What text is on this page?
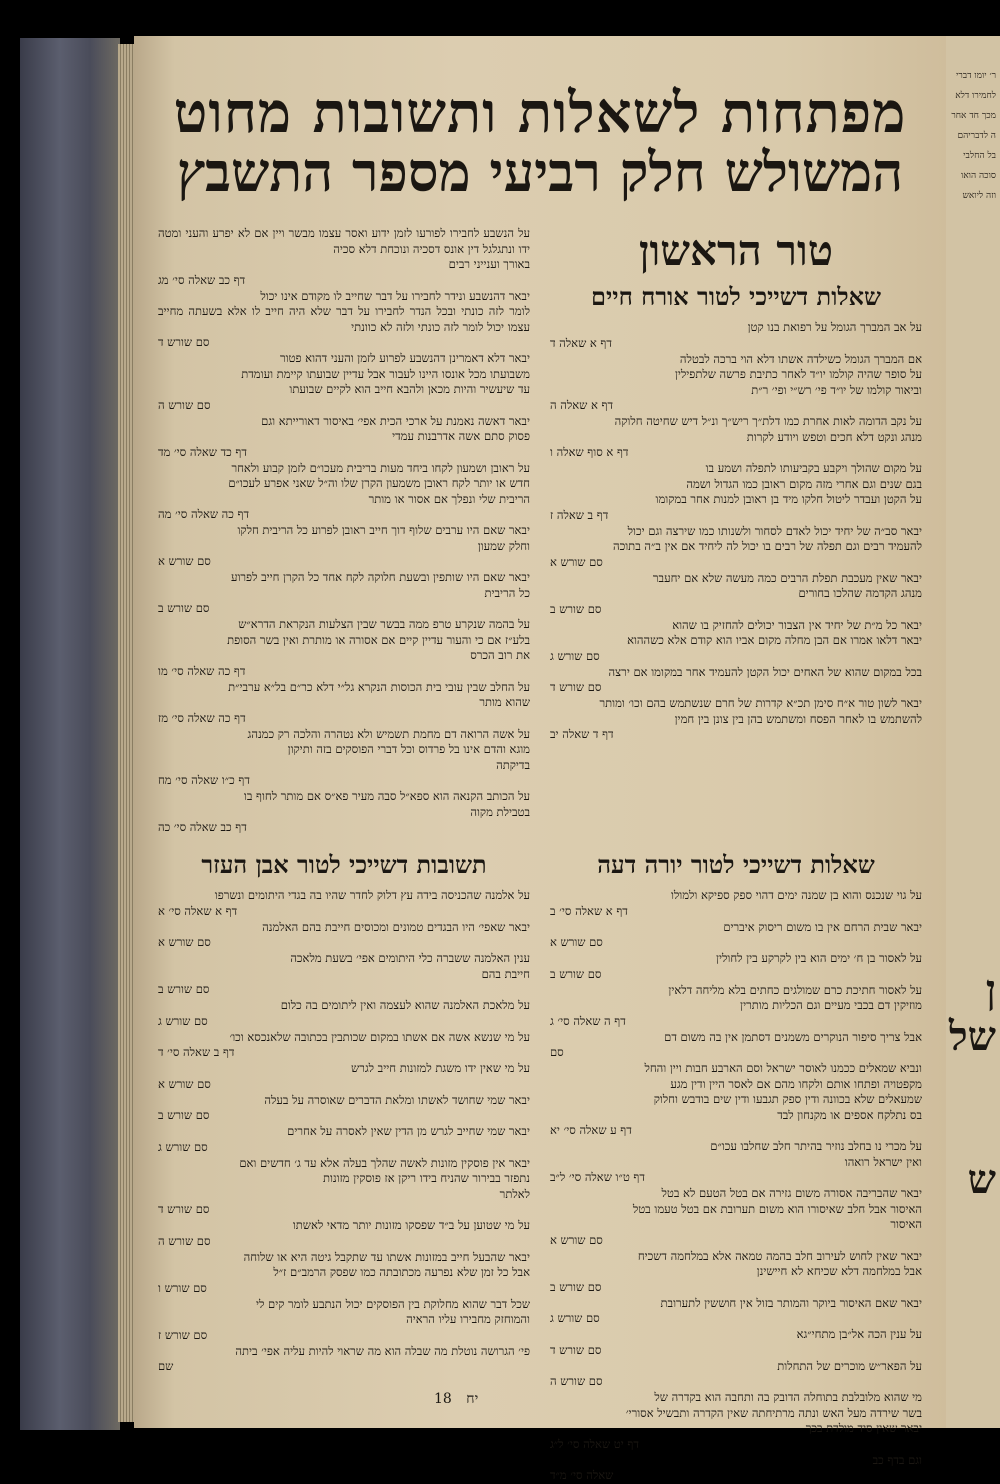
מפתחות לשאלות ותשובות מחוט
המשולש חלק רביעי מספר התשבץ
טור הראשון
שאלות דשייכי לטור אורח חיים
על אב המברך הגומל על רפואת בנו קטן
דף א שאלה ד
אם המברך הגומל כשילדה אשתו דלא הוי ברכה לבטלה
על סופר שהיה קולמו יו״ד לאחר כתיבת פרשה שלתפילין
וביאור קולמו של יו״ד פי׳ רש״י ופי׳ ר״ת
דף א שאלה ה
על נקב הדומה לאות אחרת כמו דלת״ך ריש״ך ונ״ל דיש שחיטה חלוקה
מנהג ונקט דלא חכים וטפש ויודע לקרות
דף א סוף שאלה ו
על מקום שהולך ויקבע בקביעותו לתפלה ושמע בו
בגם שנים וגם אחרי מזה מקום ראובן כמו הגדול ושמה
על הקטן ועבדר ליטול חלקו מיד בן ראובן למנות אחר במקומו
דף ב שאלה ז
יבאר סב״ה של יחיד יכול לאדם לסחור ולשנותו כמו שירצה וגם יכול
להעמיד רבים וגם תפלה של רבים בו יכול לה ליחיד אם אין ב״ה בתוכה
סם שורש א
יבאר שאין מעכבת תפלת הרבים כמה מעשה שלא אם יחעבר
מנהג הקדמה שהלכו בחורים
סם שורש ב
יבאר כל מ״ת של יחיד אין הצבור יכולים להחזיק בו שהוא
יבאר דלאו אמרו אם הבן מחלה מקום אביו הוא קודם אלא כשההוא
סם שורש ג
בכל במקום שהוא של האחים יכול הקטן להעמיד אחר במקומו אם ירצה
סם שורש ד
יבאר לשון טור א״ח סימן תכ״א קדרות של חרם שנשתמש בהם וכו׳ ומותר
להשתמש בו לאחר הפסח ומשתמש בהן בין צונן בין חמין
דף ד שאלה יב
על הנשבע לחבירו לפורעו לזמן ידוע ואסר עצמו מבשר ויין אם לא יפרע והעני ומטה ידו ונתגלגל דין אונס דסכיה ונוכחת דלא סכיה
באורך וענייני רבים
דף כב שאלה סי׳ מג
יבאר דהנשבע ונידר לחבירו על דבר שחייב לו מקודם אינו יכול
לומר לזה כונתי ובכל הנדר לחבירו על דבר שלא היה חייב לו אלא בשעתה מחייב עצמו יכול לומר לזה כונתי ולזה לא כוונתי
סם שורש ד
יבאר דלא דאמרינן דהנשבע לפרוע לזמן והעני דהוא פטור
משבועתו מכל אונסו היינו לעבור אבל עדיין שבועתו קיימת ועומדת
עד שיעשיר והיות מכאן ולהבא חייב הוא לקיים שבועתו
סם שורש ה
יבאר דאשה נאמנת על ארכי הכית אפי׳ באיסור דאורייתא וגם
פסוק סתם אשה אדרבנות עמדי
דף כד שאלה סי׳ מד
על ראובן ושמעון לקחו ביחד מעות בריבית מעכו״ם לזמן קבוע ולאחר
חדש או יותר לקח ראובן משמעון הקרן שלו וה״ל שאני אפרע לעכו״ם
הריבית שלי ונפלך אם אסור או מותר
דף כה שאלה סי׳ מה
יבאר שאם היו ערבים שלוף דוך חייב ראובן לפרוע כל הריבית חלקו
וחלק שמעון
סם שורש א
יבאר שאם היו שותפין ובשעת חלוקה לקח אחד כל הקרן חייב לפרוע
כל הריבית
סם שורש ב
על בהמה שנקרע טרפ ממה בבשר שבין הצלעות הנקראת הדרא״ש
בלע״ז אם כי והעור עדיין קיים אם אסורה או מותרת ואין בשר הסופת
את רוב הכרס
דף כה שאלה סי׳ מו
על החלב שבין עובי בית הכוסות הנקרא גל״י דלא כר״ם בל״א ערבי״ת
שהוא מותר
דף כה שאלה סי׳ מז
על אשה הרואה דם מחמת תשמיש ולא נטהרה והלכה רק כמנהג
מוגא והדם אינו בל פרדוס וכל דברי הפוסקים בזה ותיקון
בדיקתה
דף כ״ו שאלה סי׳ מח
על הכותב הקנאה הוא ספא״ל סבה מעיר פא״ס אם מותר לחוף בו
בטבילת מקוה
דף כב שאלה סי׳ כה
שאלות דשייכי לטור יורה דעה
על גוי שנכנס והוא בן שמנה ימים דהוי ספק ספיקא ולמולו
דף א שאלה סי׳ ב
יבאר שבית הרחם אין בו משום ריסוק איברים
סם שורש א
על לאסור בן ח׳ ימים הוא בין לקרקע בין לחולין
סם שורש ב
על לאסור חתיכת כרם שמולגים כחתים בלא מליחה דלאין
מוזיקין דם בכבי מעיים וגם הכליות מותרין
דף ה שאלה סי׳ ג
אבל צריך סיפור הנוקרים משמנים דסתמן אין בה משום דם
סם
ונביא שמאלים ככמנו לאוסר ישראל וסם הארבע חבות ויין והחל
מקפטויה ופתחו אותם ולקחו מהם אם לאסר היין ודין מגע
שמעאלים שלא בכוונה ודין ספק תגבעו ודין שים בודבש וחלוק
בס נתלקח אספים או מקנחון לבד
דף ע שאלה סי׳ יא
על מכרי נו בחלב נוזיר בהיתר חלב שחלבו עכו״ם
ואין ישראל רואהו
דף ט״ו שאלה סי׳ ל״ב
יבאר שהבריבה אסורה משום גזירה אם בטל הטעם לא בטל
האיסור אבל חלב שאיסורו הוא משום תערובת אם בטל טעמו בטל
האיסור
סם שורש א
יבאר שאין לחוש לעירוב חלב בהמה טמאה אלא במלחמה דשכיח
אבל במלחמה דלא שכיחא לא חיישינן
סם שורש ב
יבאר שאם האיסור ביוקר והמותר בזול אין חוששין לתערובת
סם שורש ג
על ענין הכה אל״בן מתחי״גא
סם שורש ד
על הפאר״ש מוכרים של התחלות
סם שורש ה
מי שהוא מלובלבת בתוחלה הדובק בה ותחבה הוא בקדרה של
בשר שירדה מעל האש ונתה מרתיחתה שאין הקדרה ותבשיל אסורי׳
יבאר שאין סיד מולדת בכך
דף יט שאלה סי׳ ל״ג
וגם בדף כב
שאלה סי׳ מ״ד
תשובות דשייכי לטור אבן העזר
על אלמנה שהכניסה בידה עץ דלוק לחדר שהיו בה בגדי היתומים ונשרפו
דף א שאלה סי׳ א
יבאר שאפי׳ היו הבגדים טמונים ומכוסים חייבת בהם האלמנה
סם שורש א
ענין האלמנה ששברה כלי היתומים אפי׳ בשעת מלאכה
חייבת בהם
סם שורש ב
על מלאכת האלמנה שהוא לעצמה ואין ליתומים בה כלום
סם שורש ג
על מי שנשא אשה אם אשתו במקום שכותבין בכתובה שלאנכסא וכו׳
דף ב שאלה סי׳ ד
על מי שאין ידו משגת למזונות חייב לגרש
סם שורש א
יבאר שמי שחושד לאשתו ומלאת הדברים שאוסרה על בעלה
סם שורש ב
יבאר שמי שחייב לגרש מן הדין שאין לאסרה על אחרים
סם שורש ג
יבאר אין פוסקין מזונות לאשה שהלך בעלה אלא עד ג׳ חדשים ואם
נתפזר בבירור שהניח בידו ריקן אז פוסקין מזונות
לאלתר
סם שורש ד
על מי שטוען על ב״ד שפסקו מזונות יותר מדאי לאשתו
סם שורש ה
יבאר שהבעל חייב במזונות אשתו עד שתקבל גיטה היא או שלוחה
אבל כל זמן שלא נפרעה מכתובתה כמו שפסק הרמב״ם ז״ל
סם שורש ו
שכל דבר שהוא מחלוקת בין הפוסקים יכול הנתבע לומר קים לי
והמוחזק מחבירו עליו הראיה
סם שורש ז
פי׳ הגרושה נוטלת מה שבלה הוא מה שראוי להיות עליה אפי׳ ביתה
שם
18 יח
ר׳ יומו דברי
לחמירו דלא
מכך חד אחר
ה לדבריהם
בל החלבי
סוכה הואו
וזה ליואש
ן של
ש
